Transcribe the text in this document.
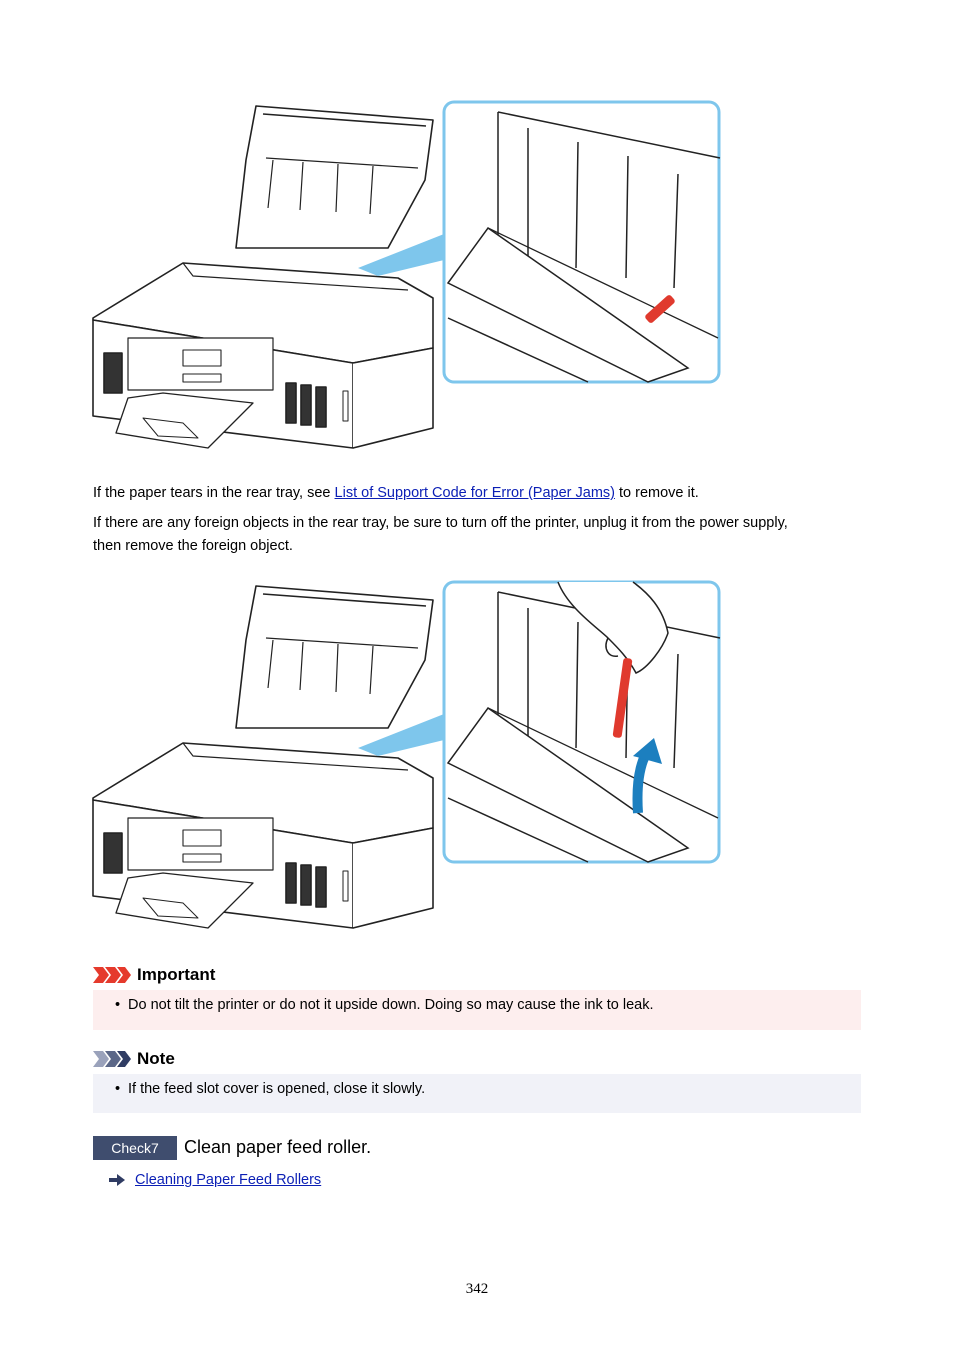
If the paper tears in the rear tray, see List of Support Code for Error (Paper Jams) to remove it.

If there are any foreign objects in the rear tray, be sure to turn off the printer, unplug it from the power supply,
then remove the foreign object.

Important
• Do not tilt the printer or do not it upside down. Doing so may cause the ink to leak.
Note
• If the feed slot cover is opened, close it slowly.
Check7	Clean paper feed roller.
Cleaning Paper Feed Rollers
342
